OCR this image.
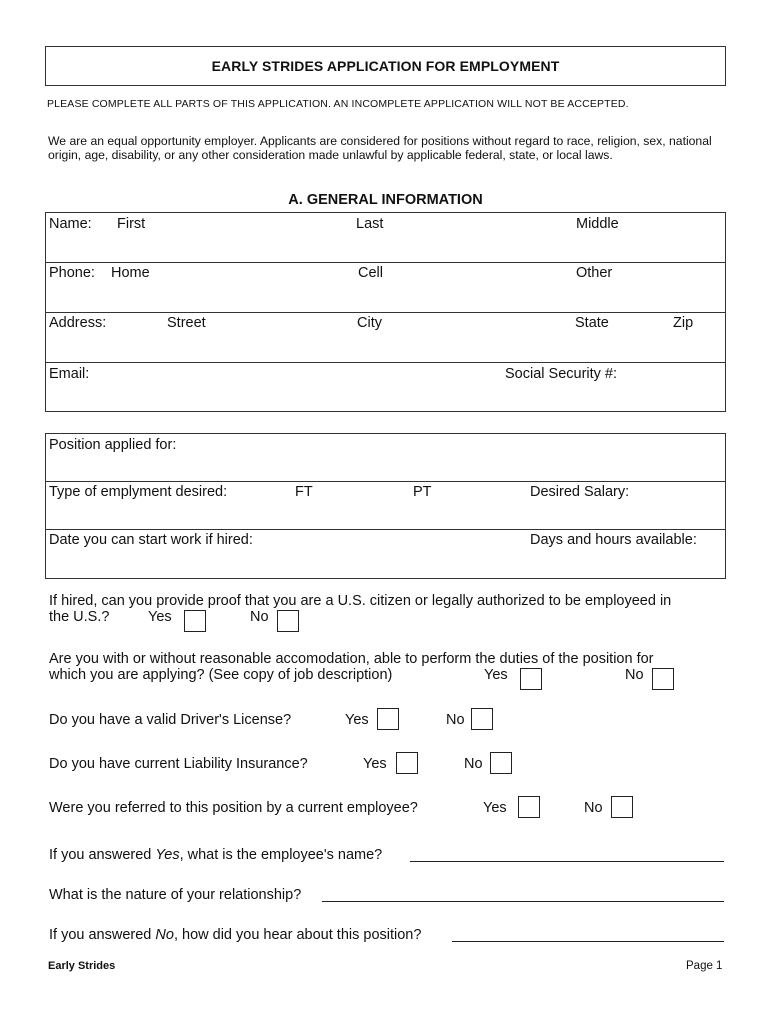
EARLY STRIDES APPLICATION FOR EMPLOYMENT
PLEASE COMPLETE ALL PARTS OF THIS APPLICATION. AN INCOMPLETE APPLICATION WILL NOT BE ACCEPTED.
We are an equal opportunity employer. Applicants are considered for positions without regard to race, religion, sex, national origin, age, disability, or any other consideration made unlawful by applicable federal, state, or local laws.
A. GENERAL INFORMATION
Name: First	Last	Middle
Phone: Home	Cell	Other
Address:	Street	City	State	Zip
Email:	Social Security #:
Position applied for:
Type of emplyment desired:	FT	PT	Desired Salary:
Date you can start work if hired:	Days and hours available:
If hired, can you provide proof that you are a U.S. citizen or legally authorized to be employeed in
the U.S.?	Yes	No
Are you with or without reasonable accomodation, able to perform the duties of the position for
which you are applying? (See copy of job description)	Yes	No
Do you have a valid Driver's License?	Yes	No
Do you have current Liability Insurance?	Yes	No
Were you referred to this position by a current employee?	Yes	No
If you answered Yes, what is the employee's name?
What is the nature of your relationship?
If you answered No, how did you hear about this position?
Early Strides	Page 1
